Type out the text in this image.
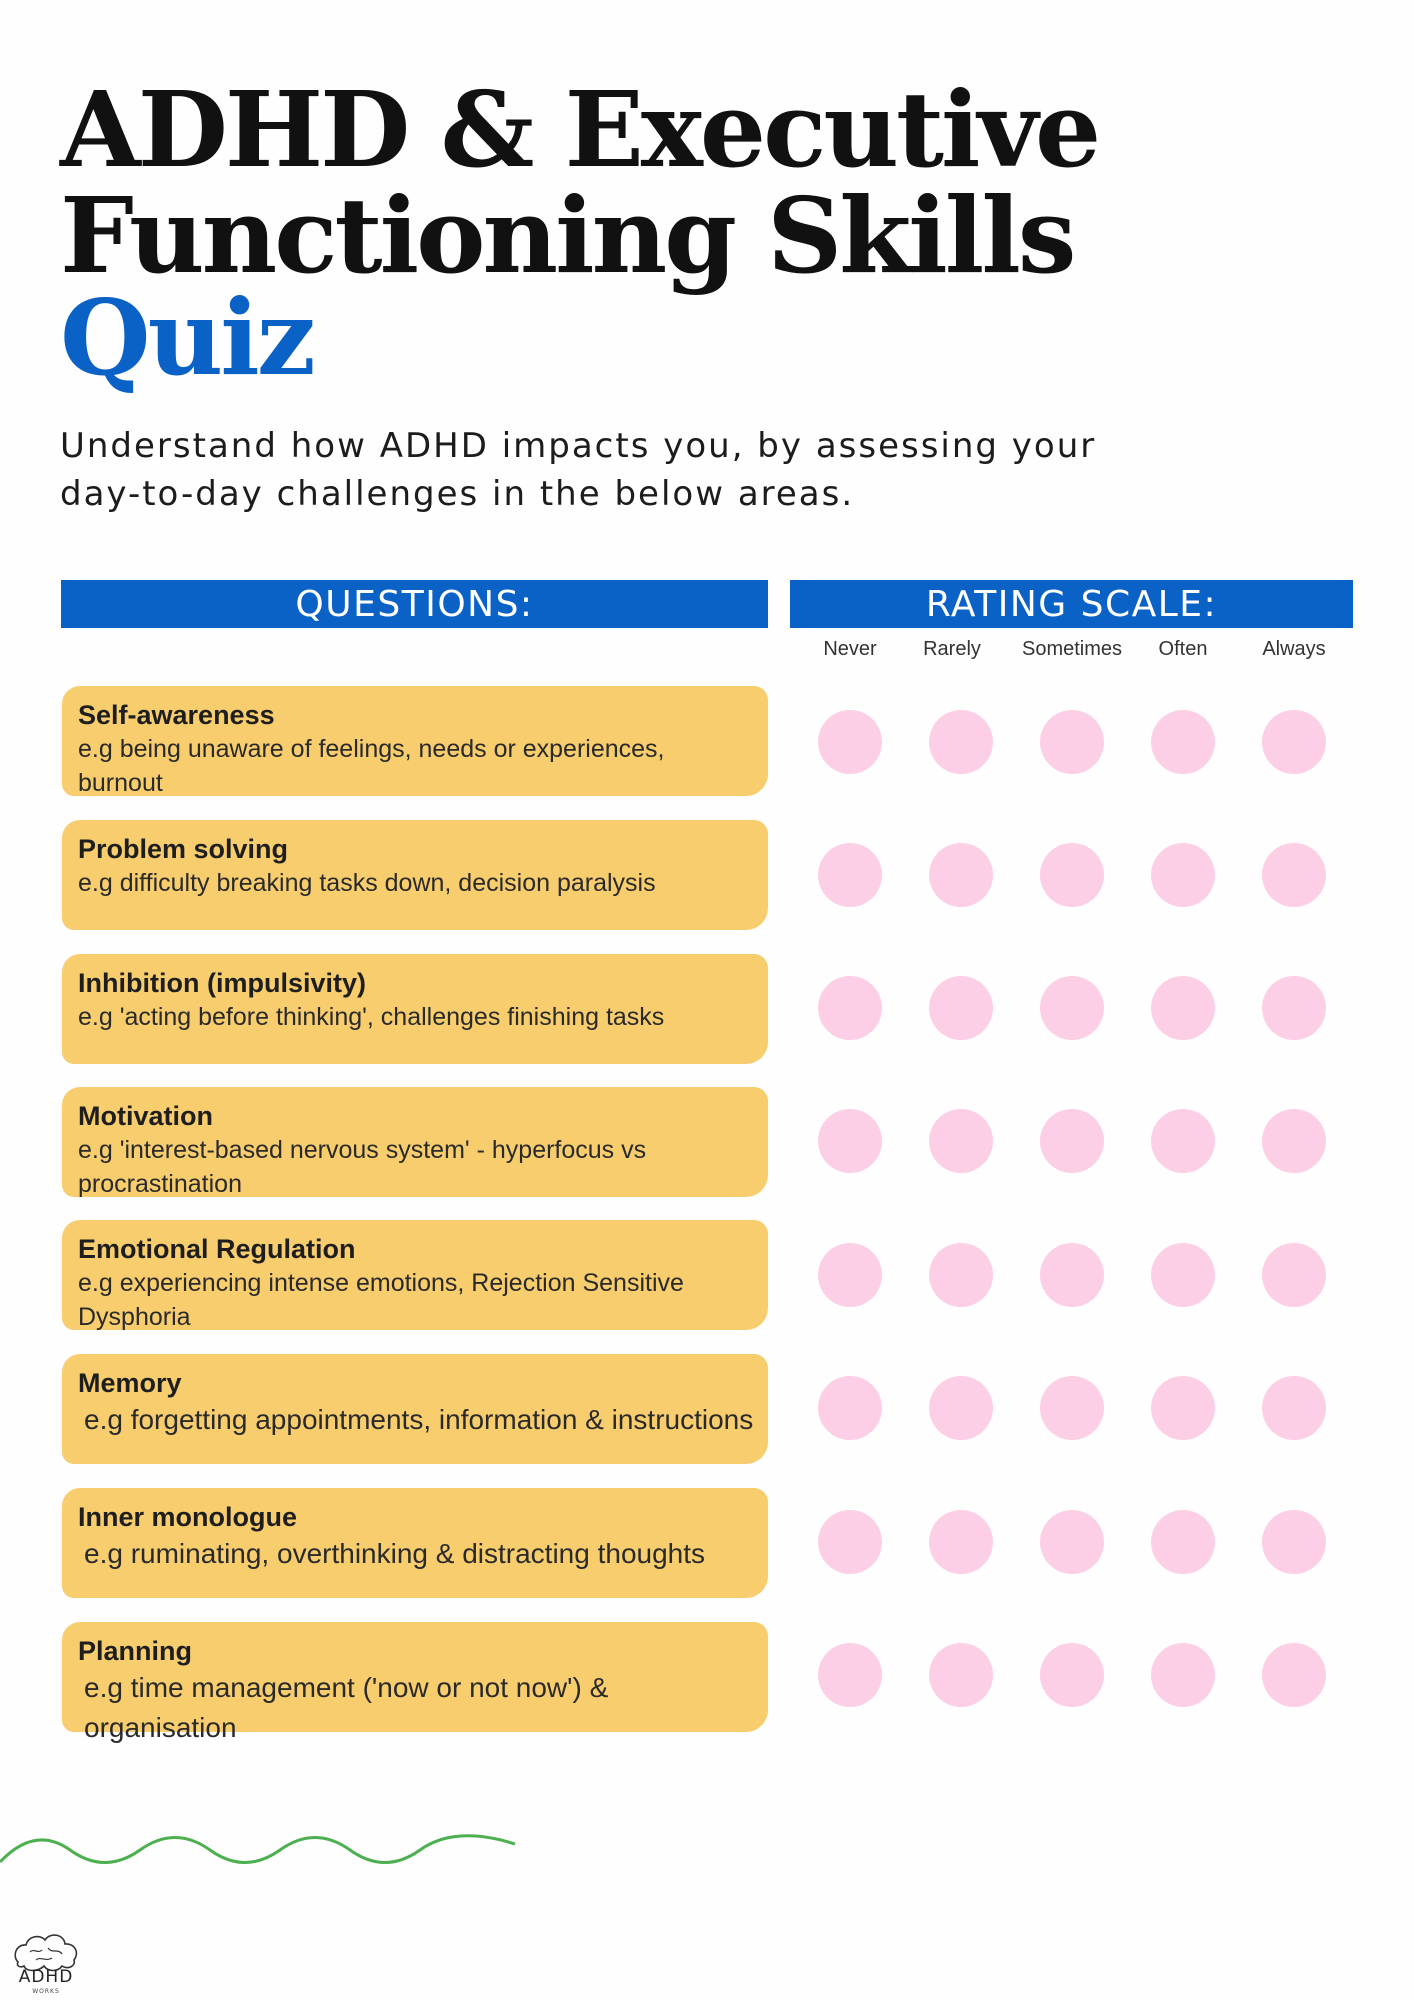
ADHD & Executive
Functioning Skills
Quiz

Understand how ADHD impacts you, by assessing your day-to-day challenges in the below areas.

QUESTIONS:	RATING SCALE:
Never	Rarely	Sometimes	Often	Always
Self-awareness
e.g being unaware of feelings, needs or experiences, burnout
Problem solving
e.g difficulty breaking tasks down, decision paralysis
Inhibition (impulsivity)
e.g 'acting before thinking', challenges finishing tasks
Motivation
e.g 'interest-based nervous system' - hyperfocus vs procrastination
Emotional Regulation
e.g experiencing intense emotions, Rejection Sensitive Dysphoria
Memory
e.g forgetting appointments, information & instructions
Inner monologue
e.g ruminating, overthinking & distracting thoughts
Planning
e.g time management ('now or not now') & organisation
ADHD
WORKS
